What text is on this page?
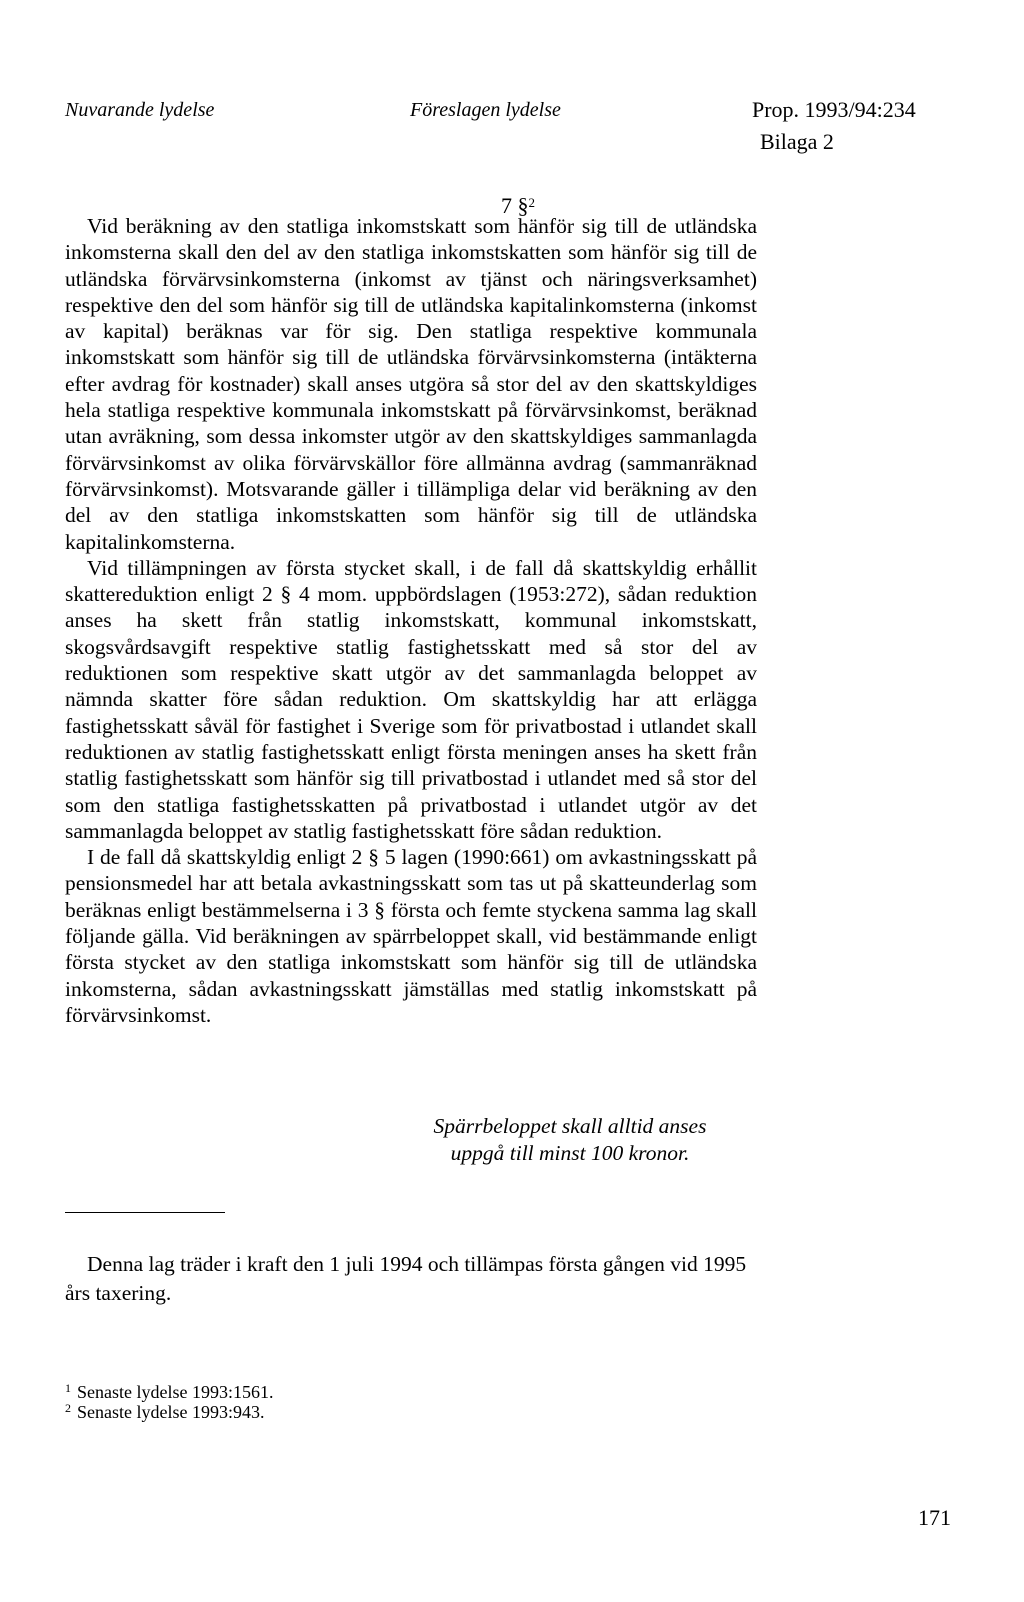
Nuvarande lydelse	Föreslagen lydelse	Prop. 1993/94:234
Bilaga 2
7 §$^2$

Vid beräkning av den statliga inkomstskatt som hänför sig till de utländska inkomsterna skall den del av den statliga inkomstskatten som hänför sig till de utländska förvärvsinkomsterna (inkomst av tjänst och näringsverksamhet) respektive den del som hänför sig till de utländska kapitalinkomsterna (inkomst av kapital) beräknas var för sig. Den statliga respektive kommunala inkomstskatt som hänför sig till de utländska förvärvsinkomsterna (intäkterna efter avdrag för kostnader) skall anses utgöra så stor del av den skattskyldiges hela statliga respektive kommunala inkomstskatt på förvärvsinkomst, beräknad utan avräkning, som dessa inkomster utgör av den skattskyldiges sammanlagda förvärvsinkomst av olika förvärvskällor före allmänna avdrag (sammanräknad förvärvsinkomst). Motsvarande gäller i tillämpliga delar vid beräkning av den del av den statliga inkomstskatten som hänför sig till de utländska kapitalinkomsterna.

Vid tillämpningen av första stycket skall, i de fall då skattskyldig erhållit skattereduktion enligt 2 § 4 mom. uppbördslagen (1953:272), sådan reduktion anses ha skett från statlig inkomstskatt, kommunal inkomstskatt, skogsvårdsavgift respektive statlig fastighetsskatt med så stor del av reduktionen som respektive skatt utgör av det sammanlagda beloppet av nämnda skatter före sådan reduktion. Om skattskyldig har att erlägga fastighetsskatt såväl för fastighet i Sverige som för privatbostad i utlandet skall reduktionen av statlig fastighetsskatt enligt första meningen anses ha skett från statlig fastighetsskatt som hänför sig till privatbostad i utlandet med så stor del som den statliga fastighetsskatten på privatbostad i utlandet utgör av det sammanlagda beloppet av statlig fastighetsskatt före sådan reduktion.

I de fall då skattskyldig enligt 2 § 5 lagen (1990:661) om avkastningsskatt på pensionsmedel har att betala avkastningsskatt som tas ut på skatteunderlag som beräknas enligt bestämmelserna i 3 § första och femte styckena samma lag skall följande gälla. Vid beräkningen av spärrbeloppet skall, vid bestämmande enligt första stycket av den statliga inkomstskatt som hänför sig till de utländska inkomsterna, sådan avkastningsskatt jämställas med statlig inkomstskatt på förvärvsinkomst.

Spärrbeloppet skall alltid anses
uppgå till minst 100 kronor.

Denna lag träder i kraft den 1 juli 1994 och tillämpas första gången vid 1995 års taxering.

$^1$ Senaste lydelse 1993:1561.
$^2$ Senaste lydelse 1993:943.
171
